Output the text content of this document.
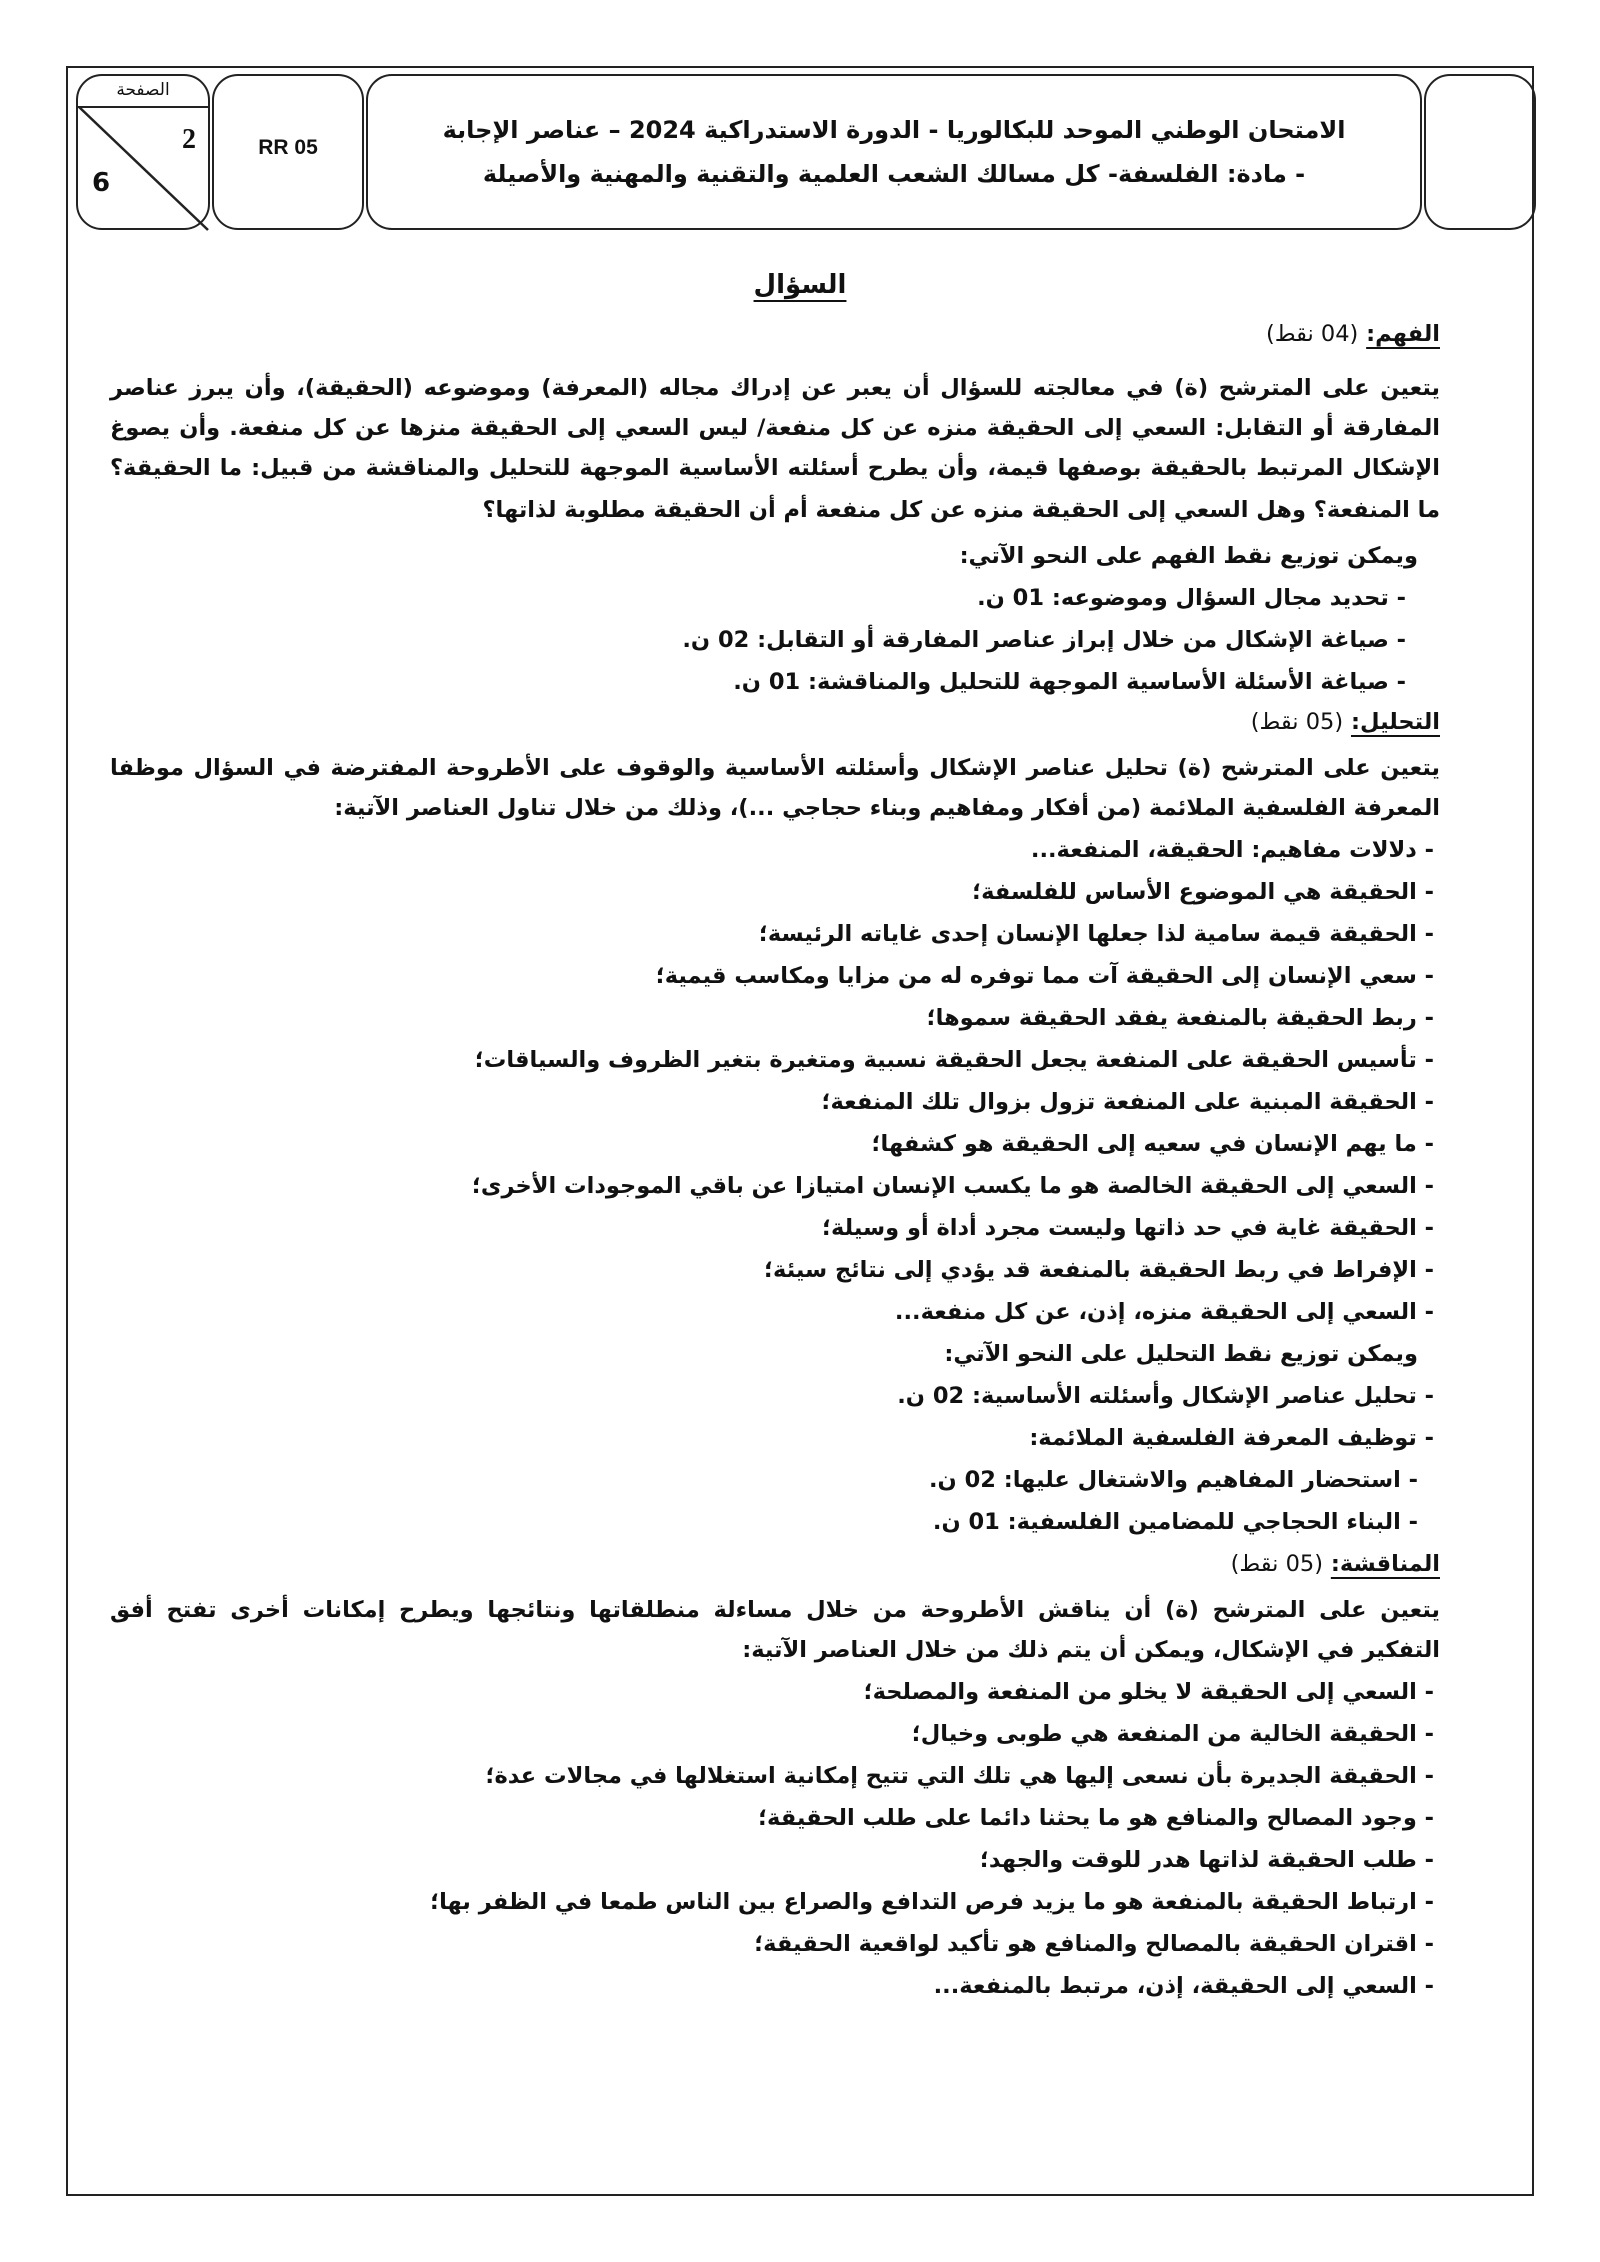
الصفحة
2
6
RR 05
الامتحان الوطني الموحد للبكالوريا - الدورة الاستدراكية 2024 – عناصر الإجابة
- مادة: الفلسفة- كل مسالك الشعب العلمية والتقنية والمهنية والأصيلة
السؤال
الفهم: (04 نقط)
يتعين على المترشح (ة) في معالجته للسؤال أن يعبر عن إدراك مجاله (المعرفة) وموضوعه (الحقيقة)، وأن يبرز عناصر
المفارقة أو التقابل: السعي إلى الحقيقة منزه عن كل منفعة/ ليس السعي إلى الحقيقة منزها عن كل منفعة. وأن يصوغ
الإشكال المرتبط بالحقيقة بوصفها قيمة، وأن يطرح أسئلته الأساسية الموجهة للتحليل والمناقشة من قبيل: ما الحقيقة؟
ما المنفعة؟ وهل السعي إلى الحقيقة منزه عن كل منفعة أم أن الحقيقة مطلوبة لذاتها؟
ويمكن توزيع نقط الفهم على النحو الآتي:
- تحديد مجال السؤال وموضوعه: 01 ن.
- صياغة الإشكال من خلال إبراز عناصر المفارقة أو التقابل: 02 ن.
- صياغة الأسئلة الأساسية الموجهة للتحليل والمناقشة: 01 ن.
التحليل: (05 نقط)
يتعين على المترشح (ة) تحليل عناصر الإشكال وأسئلته الأساسية والوقوف على الأطروحة المفترضة في السؤال موظفا
المعرفة الفلسفية الملائمة (من أفكار ومفاهيم وبناء حجاجي ...)، وذلك من خلال تناول العناصر الآتية:
- دلالات مفاهيم: الحقيقة، المنفعة...
- الحقيقة هي الموضوع الأساس للفلسفة؛
- الحقيقة قيمة سامية لذا جعلها الإنسان إحدى غاياته الرئيسة؛
- سعي الإنسان إلى الحقيقة آت مما توفره له من مزايا ومكاسب قيمية؛
- ربط الحقيقة بالمنفعة يفقد الحقيقة سموها؛
- تأسيس الحقيقة على المنفعة يجعل الحقيقة نسبية ومتغيرة بتغير الظروف والسياقات؛
- الحقيقة المبنية على المنفعة تزول بزوال تلك المنفعة؛
- ما يهم الإنسان في سعيه إلى الحقيقة هو كشفها؛
- السعي إلى الحقيقة الخالصة هو ما يكسب الإنسان امتيازا عن باقي الموجودات الأخرى؛
- الحقيقة غاية في حد ذاتها وليست مجرد أداة أو وسيلة؛
- الإفراط في ربط الحقيقة بالمنفعة قد يؤدي إلى نتائج سيئة؛
- السعي إلى الحقيقة منزه، إذن، عن كل منفعة...
ويمكن توزيع نقط التحليل على النحو الآتي:
- تحليل عناصر الإشكال وأسئلته الأساسية: 02 ن.
- توظيف المعرفة الفلسفية الملائمة:
- استحضار المفاهيم والاشتغال عليها: 02 ن.
- البناء الحجاجي للمضامين الفلسفية: 01 ن.
المناقشة: (05 نقط)
يتعين على المترشح (ة) أن يناقش الأطروحة من خلال مساءلة منطلقاتها ونتائجها ويطرح إمكانات أخرى تفتح أفق
التفكير في الإشكال، ويمكن أن يتم ذلك من خلال العناصر الآتية:
- السعي إلى الحقيقة لا يخلو من المنفعة والمصلحة؛
- الحقيقة الخالية من المنفعة هي طوبى وخيال؛
- الحقيقة الجديرة بأن نسعى إليها هي تلك التي تتيح إمكانية استغلالها في مجالات عدة؛
- وجود المصالح والمنافع هو ما يحثنا دائما على طلب الحقيقة؛
- طلب الحقيقة لذاتها هدر للوقت والجهد؛
- ارتباط الحقيقة بالمنفعة هو ما يزيد فرص التدافع والصراع بين الناس طمعا في الظفر بها؛
- اقتران الحقيقة بالمصالح والمنافع هو تأكيد لواقعية الحقيقة؛
- السعي إلى الحقيقة، إذن، مرتبط بالمنفعة...
